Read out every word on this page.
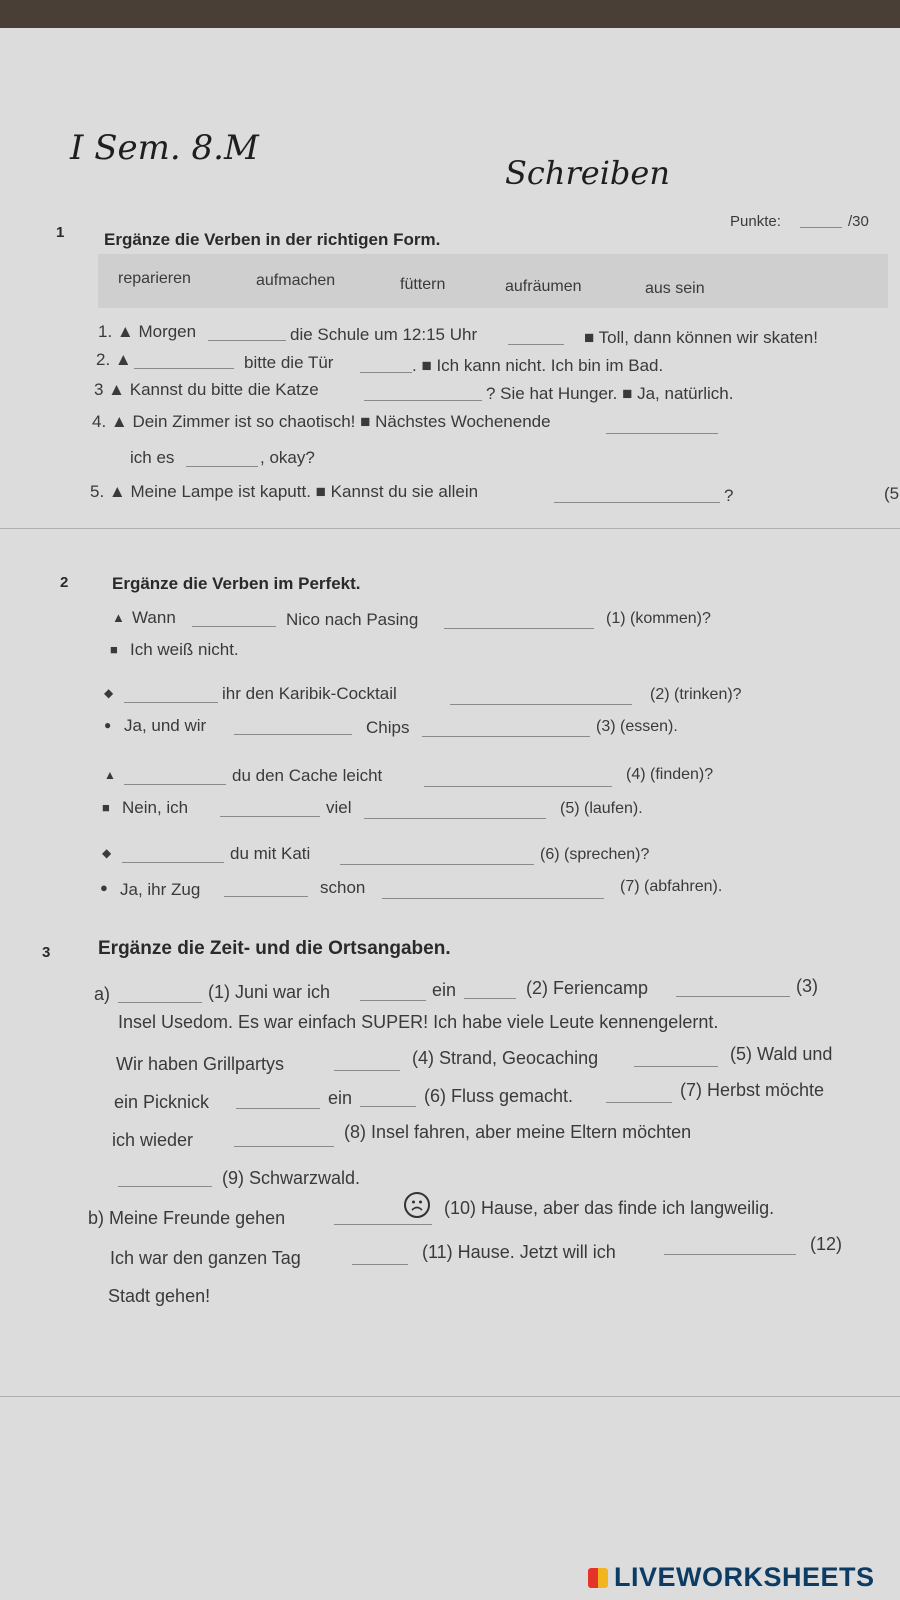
I Sem. 8.M
Schreiben
Punkte:	/30
1 Ergänze die Verben in der richtigen Form.
reparieren	aufmachen	füttern	aufräumen	aus sein
1. ▲ Morgen	die Schule um 12:15 Uhr	■ Toll, dann können wir skaten!
2. ▲	bitte die Tür	. ■ Ich kann nicht. Ich bin im Bad.
3 ▲ Kannst du bitte die Katze	? Sie hat Hunger. ■ Ja, natürlich.
4. ▲ Dein Zimmer ist so chaotisch! ■ Nächstes Wochenende
ich es	, okay?
5. ▲ Meine Lampe ist kaputt. ■ Kannst du sie allein	?	(5
2	Ergänze die Verben im Perfekt.
▲ Wann	Nico nach Pasing	(1) (kommen)?
■ Ich weiß nicht.
◆	ihr den Karibik-Cocktail	(2) (trinken)?
● Ja, und wir	Chips	(3) (essen).
▲	du den Cache leicht	(4) (finden)?
■ Nein, ich	viel	(5) (laufen).
◆	du mit Kati	(6) (sprechen)?
● Ja, ihr Zug	schon	(7) (abfahren).
3	Ergänze die Zeit- und die Ortsangaben.
a)	(1) Juni war ich	ein	(2) Feriencamp	(3)
Insel Usedom. Es war einfach SUPER! Ich habe viele Leute kennengelernt.
Wir haben Grillpartys	(4) Strand, Geocaching	(5) Wald und
ein Picknick	ein	(6) Fluss gemacht.	(7) Herbst möchte
ich wieder	(8) Insel fahren, aber meine Eltern möchten
(9) Schwarzwald.
b) Meine Freunde gehen	(10) Hause, aber das finde ich langweilig.
Ich war den ganzen Tag	(11) Hause. Jetzt will ich	(12)
Stadt gehen!
LIVEWORKSHEETS
